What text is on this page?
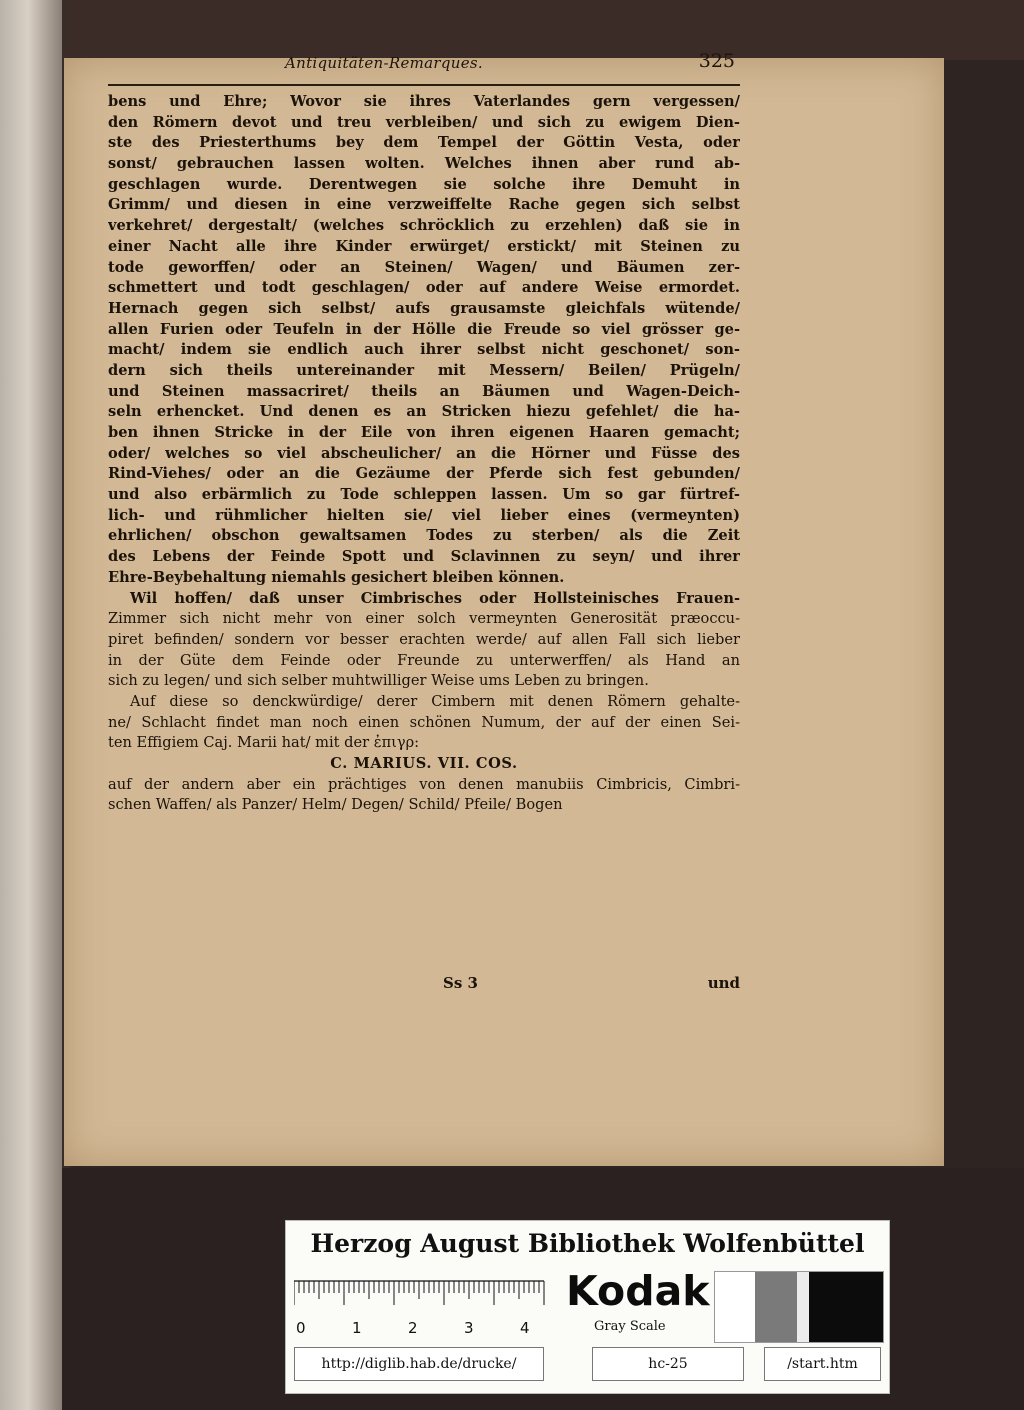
Antiquitäten-Remarques.	325
bens und Ehre; Wovor sie ihres Vaterlandes gern vergessen/
den Römern devot und treu verbleiben/ und sich zu ewigem Dien-
ste des Priesterthums bey dem Tempel der Göttin Vesta, oder
sonst/ gebrauchen lassen wolten. Welches ihnen aber rund ab-
geschlagen wurde. Derentwegen sie solche ihre Demuht in
Grimm/ und diesen in eine verzweiffelte Rache gegen sich selbst
verkehret/ dergestalt/ (welches schröcklich zu erzehlen) daß sie in
einer Nacht alle ihre Kinder erwürget/ erstickt/ mit Steinen zu
tode geworffen/ oder an Steinen/ Wagen/ und Bäumen zer-
schmettert und todt geschlagen/ oder auf andere Weise ermordet.
Hernach gegen sich selbst/ aufs grausamste gleichfals wütende/
allen Furien oder Teufeln in der Hölle die Freude so viel grösser ge-
macht/ indem sie endlich auch ihrer selbst nicht geschonet/ son-
dern sich theils untereinander mit Messern/ Beilen/ Prügeln/
und Steinen massacriret/ theils an Bäumen und Wagen-Deich-
seln erhencket. Und denen es an Stricken hiezu gefehlet/ die ha-
ben ihnen Stricke in der Eile von ihren eigenen Haaren gemacht;
oder/ welches so viel abscheulicher/ an die Hörner und Füsse des
Rind-Viehes/ oder an die Gezäume der Pferde sich fest gebunden/
und also erbärmlich zu Tode schleppen lassen. Um so gar fürtref-
lich- und rühmlicher hielten sie/ viel lieber eines (vermeynten)
ehrlichen/ obschon gewaltsamen Todes zu sterben/ als die Zeit
des Lebens der Feinde Spott und Sclavinnen zu seyn/ und ihrer
Ehre-Beybehaltung niemahls gesichert bleiben können.
Wil hoffen/ daß unser Cimbrisches oder Hollsteinisches Frauen-
Zimmer sich nicht mehr von einer solch vermeynten Generosität præoccu-
piret befinden/ sondern vor besser erachten werde/ auf allen Fall sich lieber
in der Güte dem Feinde oder Freunde zu unterwerffen/ als Hand an
sich zu legen/ und sich selber muhtwilliger Weise ums Leben zu bringen.
Auf diese so denckwürdige/ derer Cimbern mit denen Römern gehalte-
ne/ Schlacht findet man noch einen schönen Numum, der auf der einen Sei-
ten Effigiem Caj. Marii hat/ mit der ἐπιγρ:
C. MARIUS. VII. COS.
auf der andern aber ein prächtiges von denen manubiis Cimbricis, Cimbri-
schen Waffen/ als Panzer/ Helm/ Degen/ Schild/ Pfeile/ Bogen
Ss 3	und
Herzog August Bibliothek Wolfenbüttel
0	1	2	3	4
Kodak
Gray Scale
http://diglib.hab.de/drucke/	hc-25	/start.htm
